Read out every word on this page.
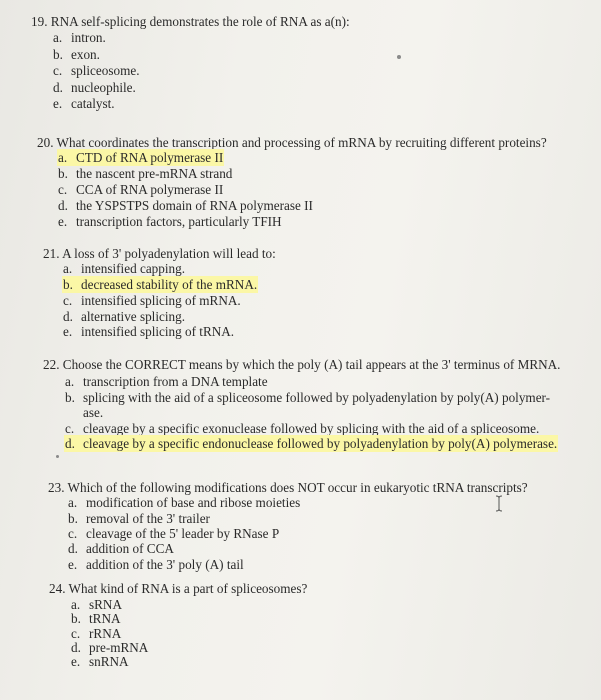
19. RNA self-splicing demonstrates the role of RNA as a(n):
a. intron.
b. exon.
c. spliceosome.
d. nucleophile.
e. catalyst.
20. What coordinates the transcription and processing of mRNA by recruiting different proteins?
a. CTD of RNA polymerase II
b. the nascent pre-mRNA strand
c. CCA of RNA polymerase II
d. the YSPSTPS domain of RNA polymerase II
e. transcription factors, particularly TFIH
21. A loss of 3' polyadenylation will lead to:
a. intensified capping.
b. decreased stability of the mRNA.
c. intensified splicing of mRNA.
d. alternative splicing.
e. intensified splicing of tRNA.
22. Choose the CORRECT means by which the poly (A) tail appears at the 3' terminus of MRNA.
a. transcription from a DNA template
b. splicing with the aid of a spliceosome followed by polyadenylation by poly(A) polymer-
ase.
c. cleavage by a specific exonuclease followed by splicing with the aid of a spliceosome.
d. cleavage by a specific endonuclease followed by polyadenylation by poly(A) polymerase.
23. Which of the following modifications does NOT occur in eukaryotic tRNA transcripts?
a. modification of base and ribose moieties
b. removal of the 3' trailer
c. cleavage of the 5' leader by RNase P
d. addition of CCA
e. addition of the 3' poly (A) tail
24. What kind of RNA is a part of spliceosomes?
a. sRNA
b. tRNA
c. rRNA
d. pre-mRNA
e. snRNA
